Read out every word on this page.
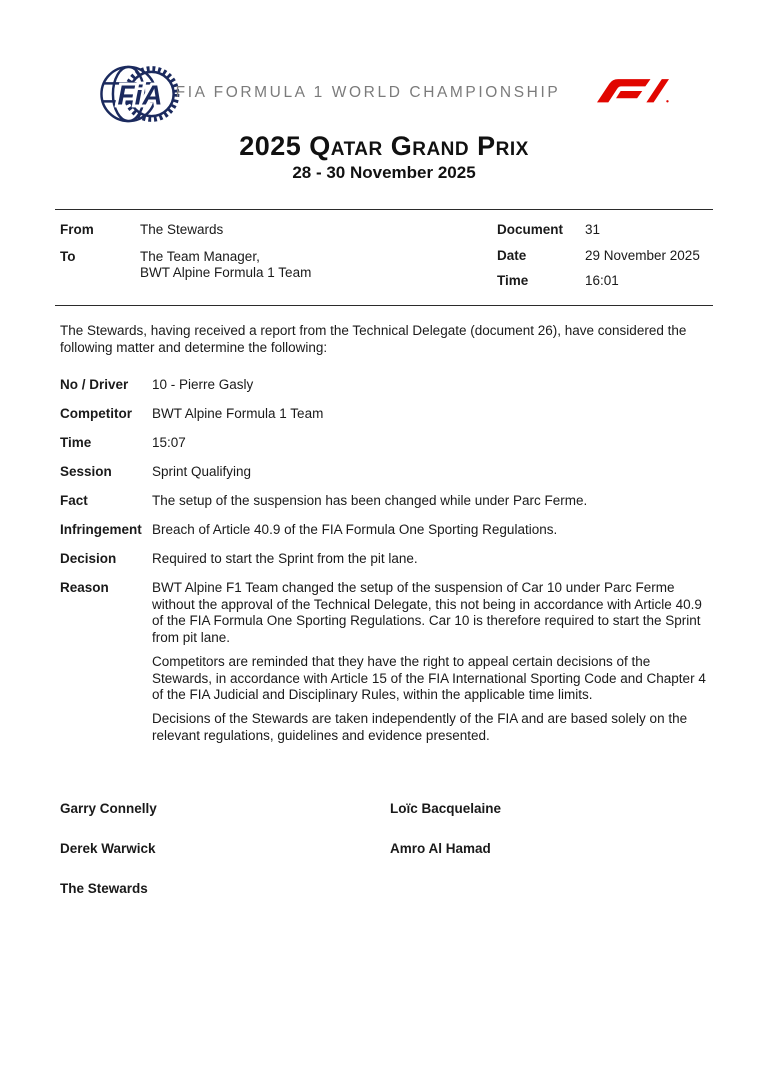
FiA FIA FORMULA 1 WORLD CHAMPIONSHIP
2025 Qatar Grand Prix
28 - 30 November 2025
From	The Stewards
To	The Team Manager,
BWT Alpine Formula 1 Team
Document	31
Date	29 November 2025
Time	16:01

The Stewards, having received a report from the Technical Delegate (document 26), have considered the following matter and determine the following:

No / Driver	10 - Pierre Gasly
Competitor	BWT Alpine Formula 1 Team
Time	15:07
Session	Sprint Qualifying
Fact	The setup of the suspension has been changed while under Parc Ferme.
Infringement Breach of Article 40.9 of the FIA Formula One Sporting Regulations.
Decision	Required to start the Sprint from the pit lane.
Reason	BWT Alpine F1 Team changed the setup of the suspension of Car 10 under Parc Ferme without the approval of the Technical Delegate, this not being in accordance with Article 40.9 of the FIA Formula One Sporting Regulations. Car 10 is therefore required to start the Sprint from pit lane.

Competitors are reminded that they have the right to appeal certain decisions of the Stewards, in accordance with Article 15 of the FIA International Sporting Code and Chapter 4 of the FIA Judicial and Disciplinary Rules, within the applicable time limits.

Decisions of the Stewards are taken independently of the FIA and are based solely on the relevant regulations, guidelines and evidence presented.

Garry Connelly	Loïc Bacquelaine
Derek Warwick	Amro Al Hamad
The Stewards
